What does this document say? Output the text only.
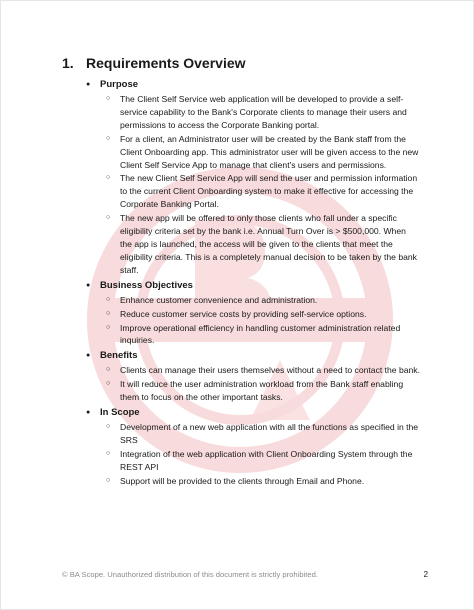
1. Requirements Overview
●	Purpose
○	The Client Self Service web application will be developed to provide a self-service capability to the Bank's Corporate clients to manage their users and permissions to access the Corporate Banking portal.
○	For a client, an Administrator user will be created by the Bank staff from the Client Onboarding app. This administrator user will be given access to the new Client Self Service App to manage that client's users and permissions.
○	The new Client Self Service App will send the user and permission information to the current Client Onboarding system to make it effective for accessing the Corporate Banking Portal.
○	The new app will be offered to only those clients who fall under a specific eligibility criteria set by the bank i.e. Annual Turn Over is > $500,000. When the app is launched, the access will be given to the clients that meet the eligibility criteria. This is a completely manual decision to be taken by the bank staff.
●	Business Objectives
○	Enhance customer convenience and administration.
○	Reduce customer service costs by providing self-service options.
○	Improve operational efficiency in handling customer administration related inquiries.
●	Benefits
○	Clients can manage their users themselves without a need to contact the bank.
○	It will reduce the user administration workload from the Bank staff enabling them to focus on the other important tasks.
●	In Scope
○	Development of a new web application with all the functions as specified in the SRS
○	Integration of the web application with Client Onboarding System through the REST API
○	Support will be provided to the clients through Email and Phone.
© BA Scope. Unauthorized distribution of this document is strictly prohibited.	2
